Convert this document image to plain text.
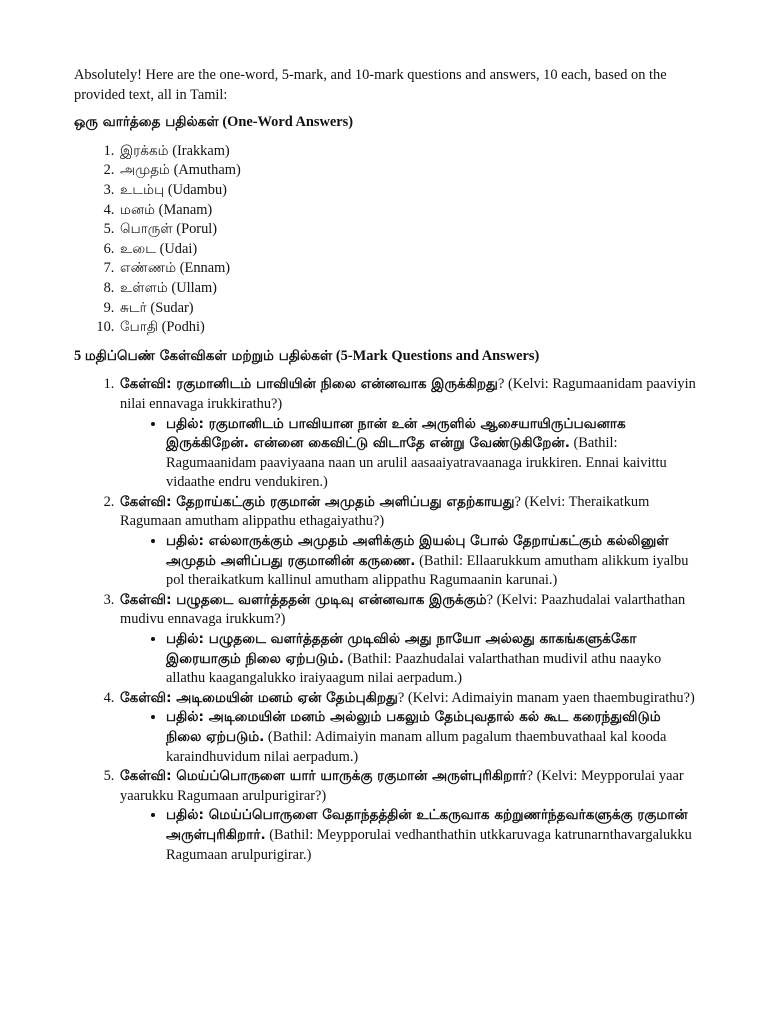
Absolutely! Here are the one-word, 5-mark, and 10-mark questions and answers, 10 each, based on the provided text, all in Tamil:

ஒரு வார்த்தை பதில்கள் (One-Word Answers)
1. இரக்கம் (Irakkam)
2. அமுதம் (Amutham)
3. உடம்பு (Udambu)
4. மனம் (Manam)
5. பொருள் (Porul)
6. உடை (Udai)
7. எண்ணம் (Ennam)
8. உள்ளம் (Ullam)
9. சுடர் (Sudar)
10. போதி (Podhi)
5 மதிப்பெண் கேள்விகள் மற்றும் பதில்கள் (5-Mark Questions and Answers)
1. கேள்வி: ரகுமானிடம் பாவியின் நிலை என்னவாக இருக்கிறது? (Kelvi: Ragumaanidam paaviyin nilai ennavaga irukkirathu?)
• பதில்: ரகுமானிடம் பாவியான நான் உன் அருளில் ஆசையாயிருப்பவனாக இருக்கிறேன். என்னை கைவிட்டு விடாதே என்று வேண்டுகிறேன். (Bathil: Ragumaanidam paaviyaana naan un arulil aasaaiyatravaanaga irukkiren. Ennai kaivittu vidaathe endru vendukiren.)
2. கேள்வி: தேறாய்கட்கும் ரகுமான் அமுதம் அளிப்பது எதற்காயது? (Kelvi: Theraikatkum Ragumaan amutham alippathu ethagaiyathu?)
• பதில்: எல்லாருக்கும் அமுதம் அளிக்கும் இயல்பு போல் தேறாய்கட்கும் கல்லினுள் அமுதம் அளிப்பது ரகுமானின் கருணை. (Bathil: Ellaarukkum amutham alikkum iyalbu pol theraikatkum kallinul amutham alippathu Ragumaanin karunai.)
3. கேள்வி: பழுதடை வளர்த்ததன் முடிவு என்னவாக இருக்கும்? (Kelvi: Paazhudalai valarthathan mudivu ennavaga irukkum?)
• பதில்: பழுதடை வளர்த்ததன் முடிவில் அது நாயோ அல்லது காகங்களுக்கோ இரையாகும் நிலை ஏற்படும். (Bathil: Paazhudalai valarthathan mudivil athu naayko allathu kaagangalukko iraiyaagum nilai aerpadum.)
4. கேள்வி: அடிமையின் மனம் ஏன் தேம்புகிறது? (Kelvi: Adimaiyin manam yaen thaembugirathu?)
• பதில்: அடிமையின் மனம் அல்லும் பகலும் தேம்புவதால் கல் கூட கரைந்துவிடும் நிலை ஏற்படும். (Bathil: Adimaiyin manam allum pagalum thaembuvathaal kal kooda karaindhuvidum nilai aerpadum.)
5. கேள்வி: மெய்ப்பொருளை யார் யாருக்கு ரகுமான் அருள்புரிகிறார்? (Kelvi: Meypporulai yaar yaarukku Ragumaan arulpurigirar?)
• பதில்: மெய்ப்பொருளை வேதாந்தத்தின் உட்கருவாக கற்றுணர்ந்தவர்களுக்கு ரகுமான் அருள்புரிகிறார். (Bathil: Meypporulai vedhanthathin utkkaruvaga katrunarnthavargalukku Ragumaan arulpurigirar.)
